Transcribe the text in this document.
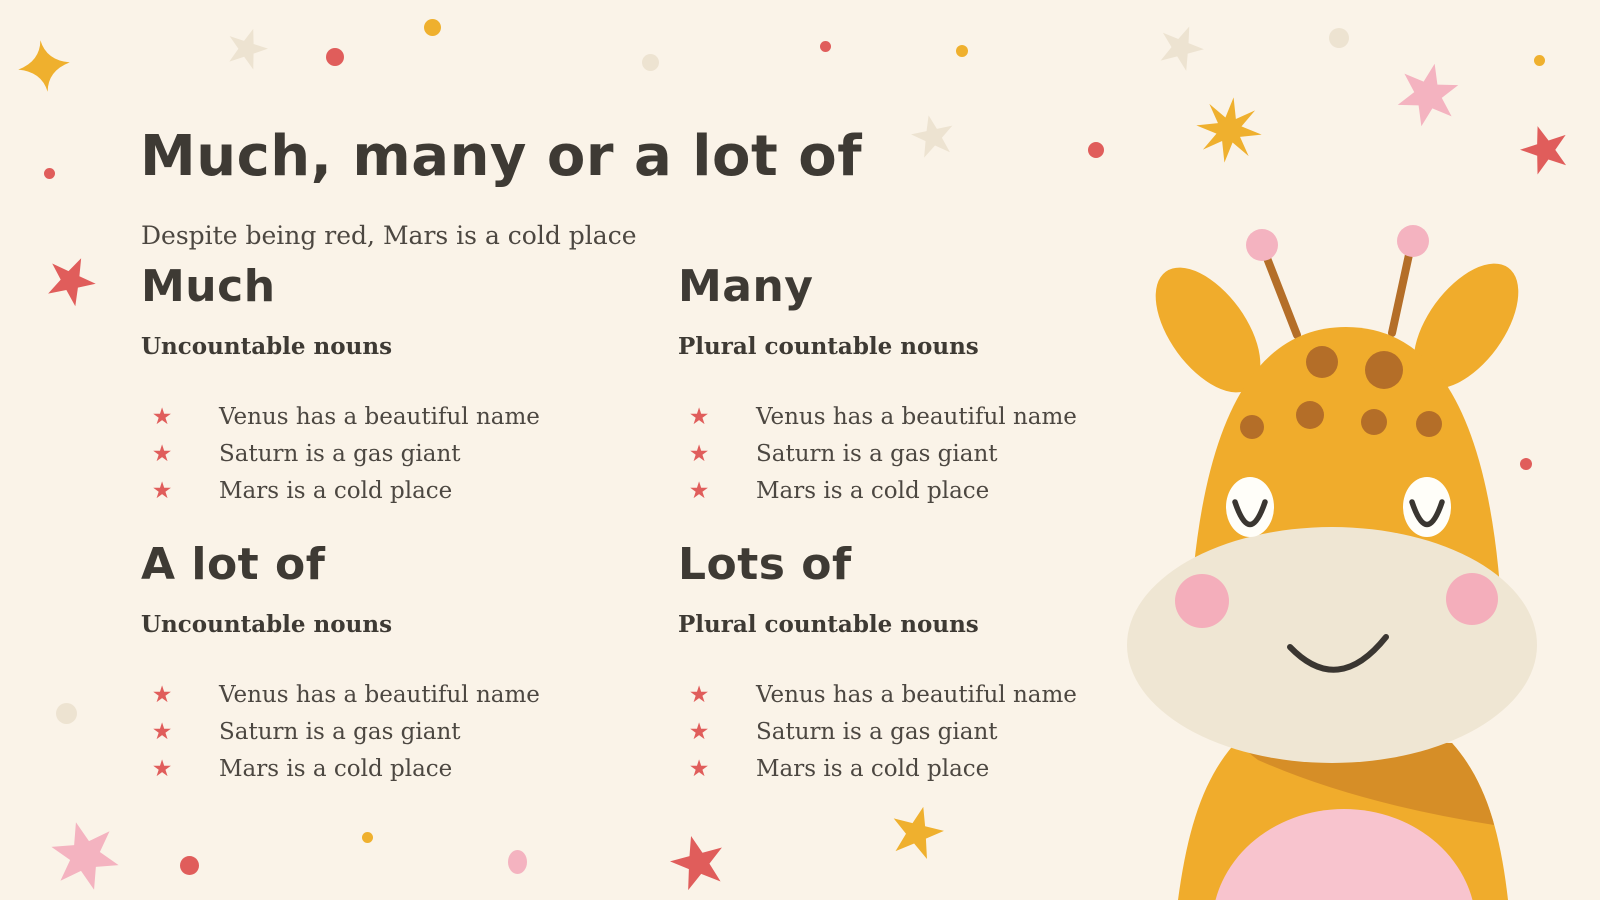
Much, many or a lot of

Despite being red, Mars is a cold place

Much
Uncountable nouns
★ Venus has a beautiful name
★ Saturn is a gas giant
★ Mars is a cold place
Many
Plural countable nouns
★ Venus has a beautiful name
★ Saturn is a gas giant
★ Mars is a cold place
A lot of
Uncountable nouns
★ Venus has a beautiful name
★ Saturn is a gas giant
★ Mars is a cold place
Lots of
Plural countable nouns
★ Venus has a beautiful name
★ Saturn is a gas giant
★ Mars is a cold place
